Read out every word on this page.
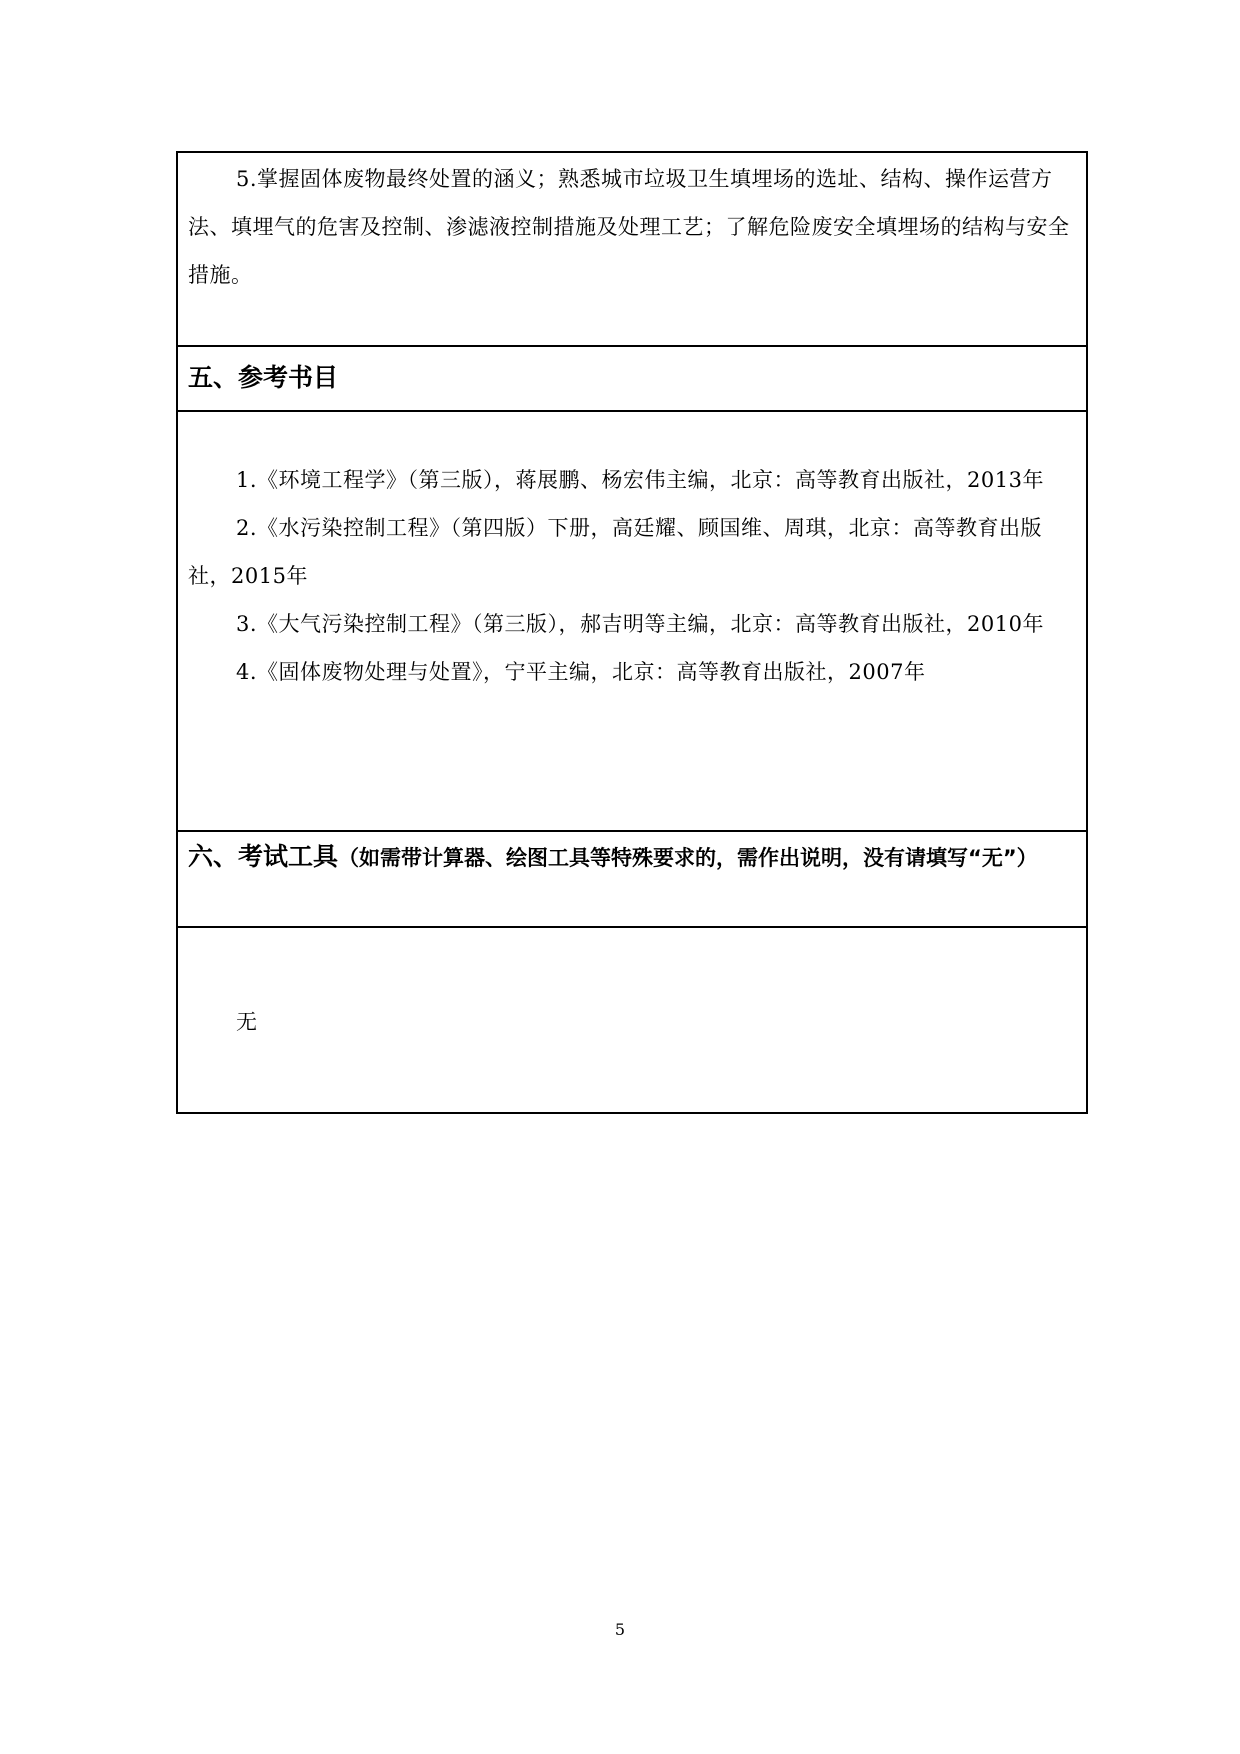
5.掌握固体废物最终处置的涵义；熟悉城市垃圾卫生填埋场的选址、结构、操作运营方法、填埋气的危害及控制、渗滤液控制措施及处理工艺；了解危险废安全填埋场的结构与安全措施。

五、参考书目

1.《环境工程学》（第三版），蒋展鹏、杨宏伟主编，北京：高等教育出版社，2013年

2.《水污染控制工程》（第四版）下册，高廷耀、顾国维、周琪，北京：高等教育出版社，2015年

3.《大气污染控制工程》（第三版），郝吉明等主编，北京：高等教育出版社，2010年

4.《固体废物处理与处置》，宁平主编，北京：高等教育出版社，2007年

六、考试工具（如需带计算器、绘图工具等特殊要求的，需作出说明，没有请填写“无”）

无

5
